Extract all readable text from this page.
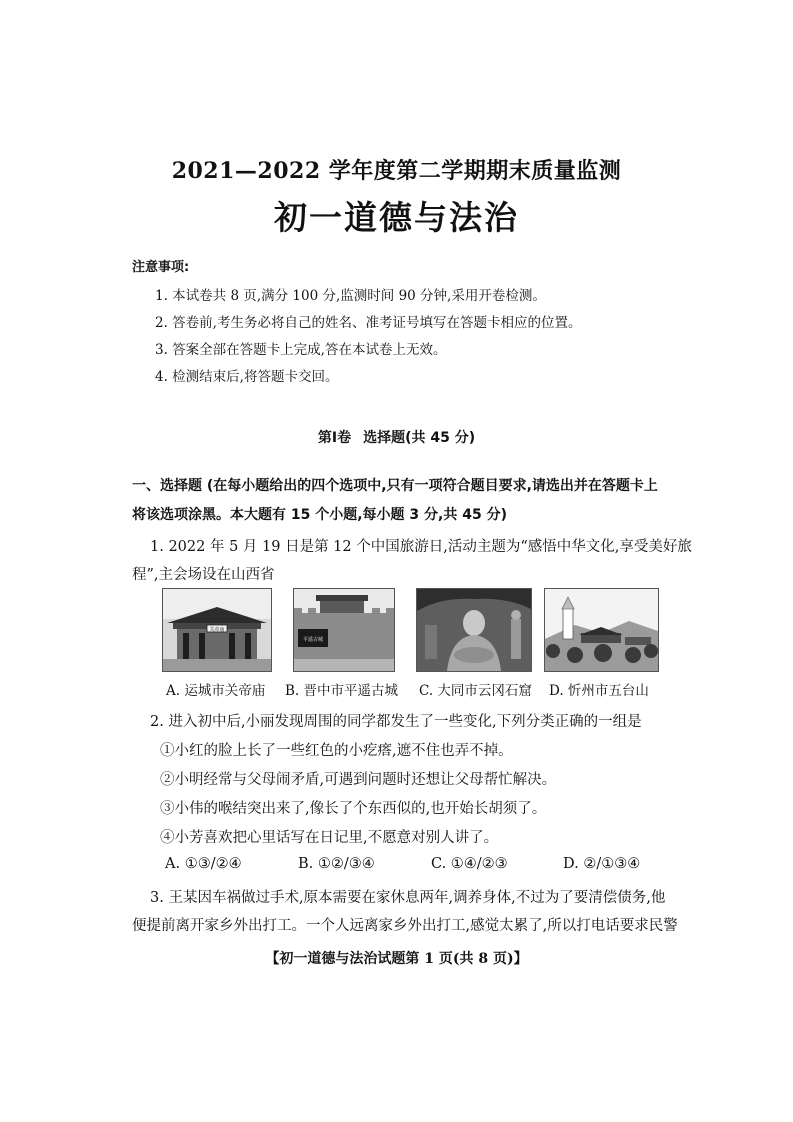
2021—2022 学年度第二学期期末质量监测
初一道德与法治
注意事项:
1. 本试卷共 8 页,满分 100 分,监测时间 90 分钟,采用开卷检测。
2. 答卷前,考生务必将自己的姓名、准考证号填写在答题卡相应的位置。
3. 答案全部在答题卡上完成,答在本试卷上无效。
4. 检测结束后,将答题卡交回。
第Ⅰ卷 选择题(共 45 分)
一、选择题 (在每小题给出的四个选项中,只有一项符合题目要求,请选出并在答题卡上
将该选项涂黑。本大题有 15 个小题,每小题 3 分,共 45 分)
1. 2022 年 5 月 19 日是第 12 个中国旅游日,活动主题为“感悟中华文化,享受美好旅
程”,主会场设在山西省
关帝庙
平遥古城
A. 运城市关帝庙 B. 晋中市平遥古城 C. 大同市云冈石窟 D. 忻州市五台山
2. 进入初中后,小丽发现周围的同学都发生了一些变化,下列分类正确的一组是
①小红的脸上长了一些红色的小疙瘩,遮不住也弄不掉。
②小明经常与父母闹矛盾,可遇到问题时还想让父母帮忙解决。
③小伟的喉结突出来了,像长了个东西似的,也开始长胡须了。
④小芳喜欢把心里话写在日记里,不愿意对别人讲了。
A. ①③/②④	B. ①②/③④	C. ①④/②③	D. ②/①③④
3. 王某因车祸做过手术,原本需要在家休息两年,调养身体,不过为了要清偿债务,他
便提前离开家乡外出打工。一个人远离家乡外出打工,感觉太累了,所以打电话要求民警
【初一道德与法治试题第 1 页(共 8 页)】
